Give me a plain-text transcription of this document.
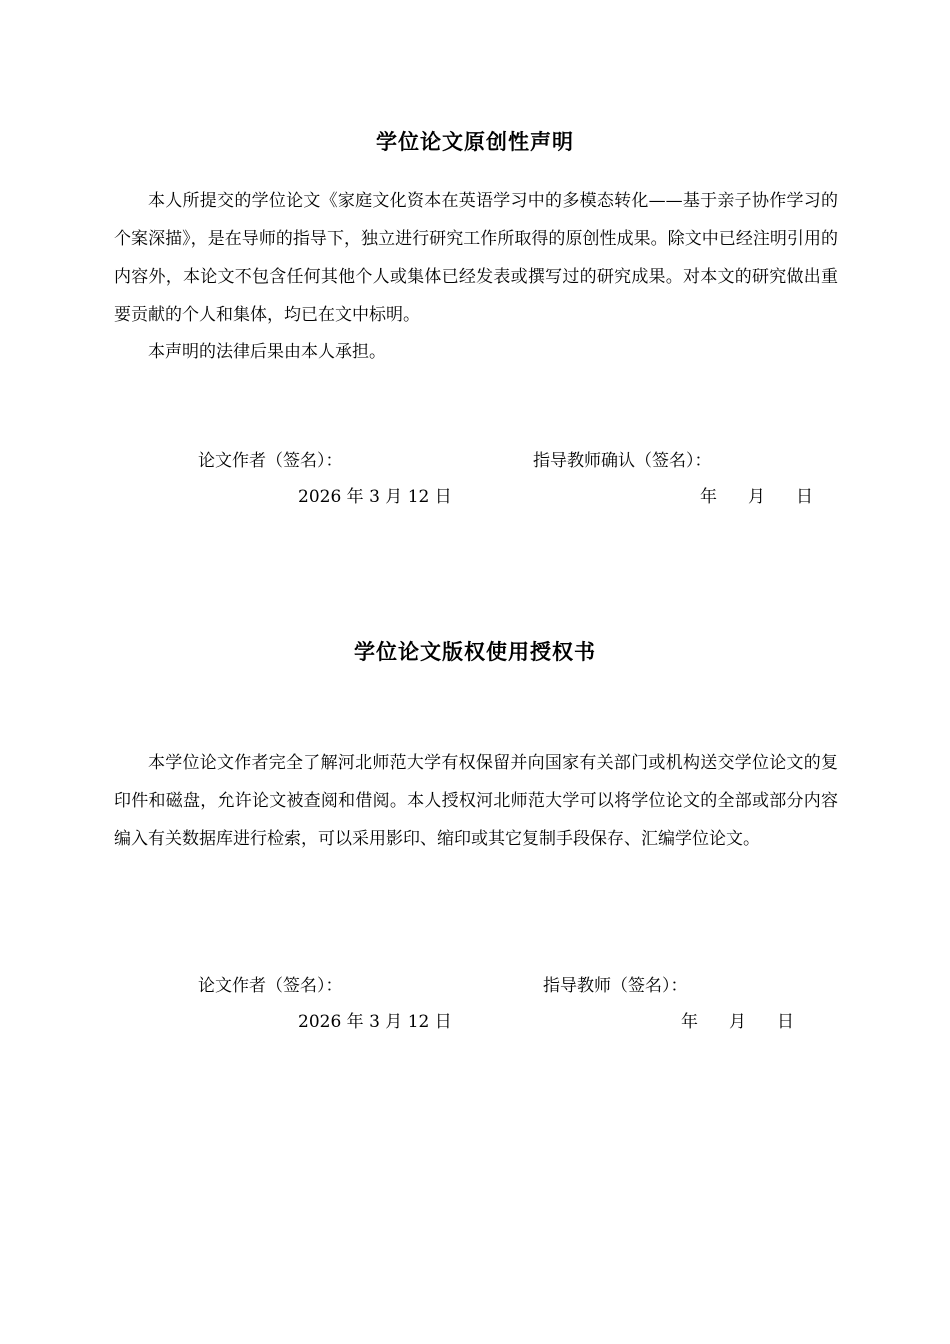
学位论文原创性声明
本人所提交的学位论文《家庭文化资本在英语学习中的多模态转化——基于亲子协作学习的个案深描》，是在导师的指导下，独立进行研究工作所取得的原创性成果。除文中已经注明引用的内容外，本论文不包含任何其他个人或集体已经发表或撰写过的研究成果。对本文的研究做出重要贡献的个人和集体，均已在文中标明。
本声明的法律后果由本人承担。
论文作者（签名）：	指导教师确认（签名）：
2026 年 3 月 12 日	年 月 日
学位论文版权使用授权书
本学位论文作者完全了解河北师范大学有权保留并向国家有关部门或机构送交学位论文的复印件和磁盘，允许论文被查阅和借阅。本人授权河北师范大学可以将学位论文的全部或部分内容编入有关数据库进行检索，可以采用影印、缩印或其它复制手段保存、汇编学位论文。
论文作者（签名）：	指导教师（签名）：
2026 年 3 月 12 日	年 月 日
